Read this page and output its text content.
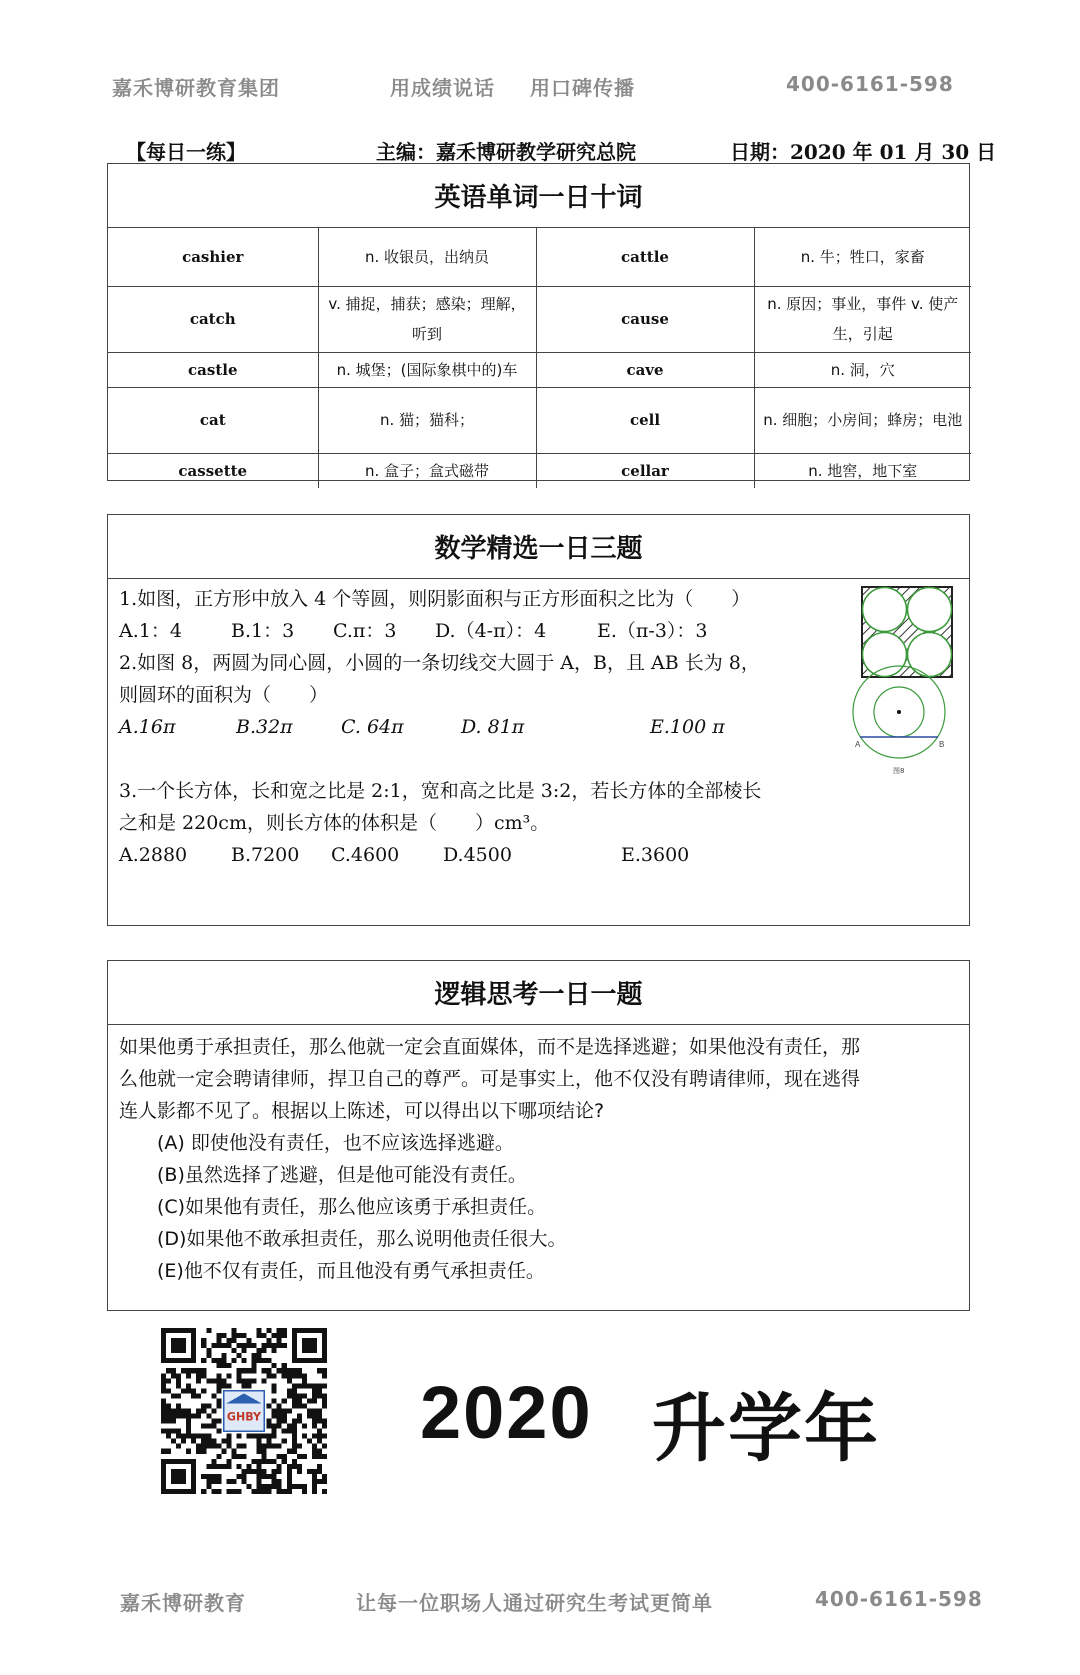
嘉禾博研教育集团	用成绩说话 用口碑传播	400-6161-598
【每日一练】	主编：嘉禾博研教学研究总院	日期：2020 年 01 月 30 日
英语单词一日十词
cashier	n. 收银员，出纳员	cattle	n. 牛；牲口，家畜
catch	v. 捕捉，捕获；感染；理解，听到	cause	n. 原因；事业，事件 v. 使产生，引起
castle	n. 城堡；(国际象棋中的)车	cave	n. 洞，穴
cat	n. 猫；猫科；	cell	n. 细胞；小房间；蜂房；电池
cassette	n. 盒子；盒式磁带	cellar	n. 地窖，地下室
数学精选一日三题
1.如图，正方形中放入 4 个等圆，则阴影面积与正方形面积之比为（　　）
A.1：4	B.1：3	C.π：3	D.（4-π）：4	E.（π-3）：3
2.如图 8，两圆为同心圆，小圆的一条切线交大圆于 A，B，且 AB 长为 8，
则圆环的面积为（　　）
A.16π	B.32π	C. 64π	D. 81π	E.100 π
A	B
图8
3.一个长方体，长和宽之比是 2:1，宽和高之比是 3:2，若长方体的全部棱长
之和是 220cm，则长方体的体积是（　　）cm³。
A.2880	B.7200	C.4600	D.4500	E.3600
逻辑思考一日一题
如果他勇于承担责任，那么他就一定会直面媒体，而不是选择逃避；如果他没有责任，那
么他就一定会聘请律师，捍卫自己的尊严。可是事实上，他不仅没有聘请律师，现在逃得
连人影都不见了。根据以上陈述，可以得出以下哪项结论?
(A) 即使他没有责任，也不应该选择逃避。
(B)虽然选择了逃避，但是他可能没有责任。
(C)如果他有责任，那么他应该勇于承担责任。
(D)如果他不敢承担责任，那么说明他责任很大。
(E)他不仅有责任，而且他没有勇气承担责任。
GHBY 2020 升学年
嘉禾博研教育	让每一位职场人通过研究生考试更简单	400-6161-598
